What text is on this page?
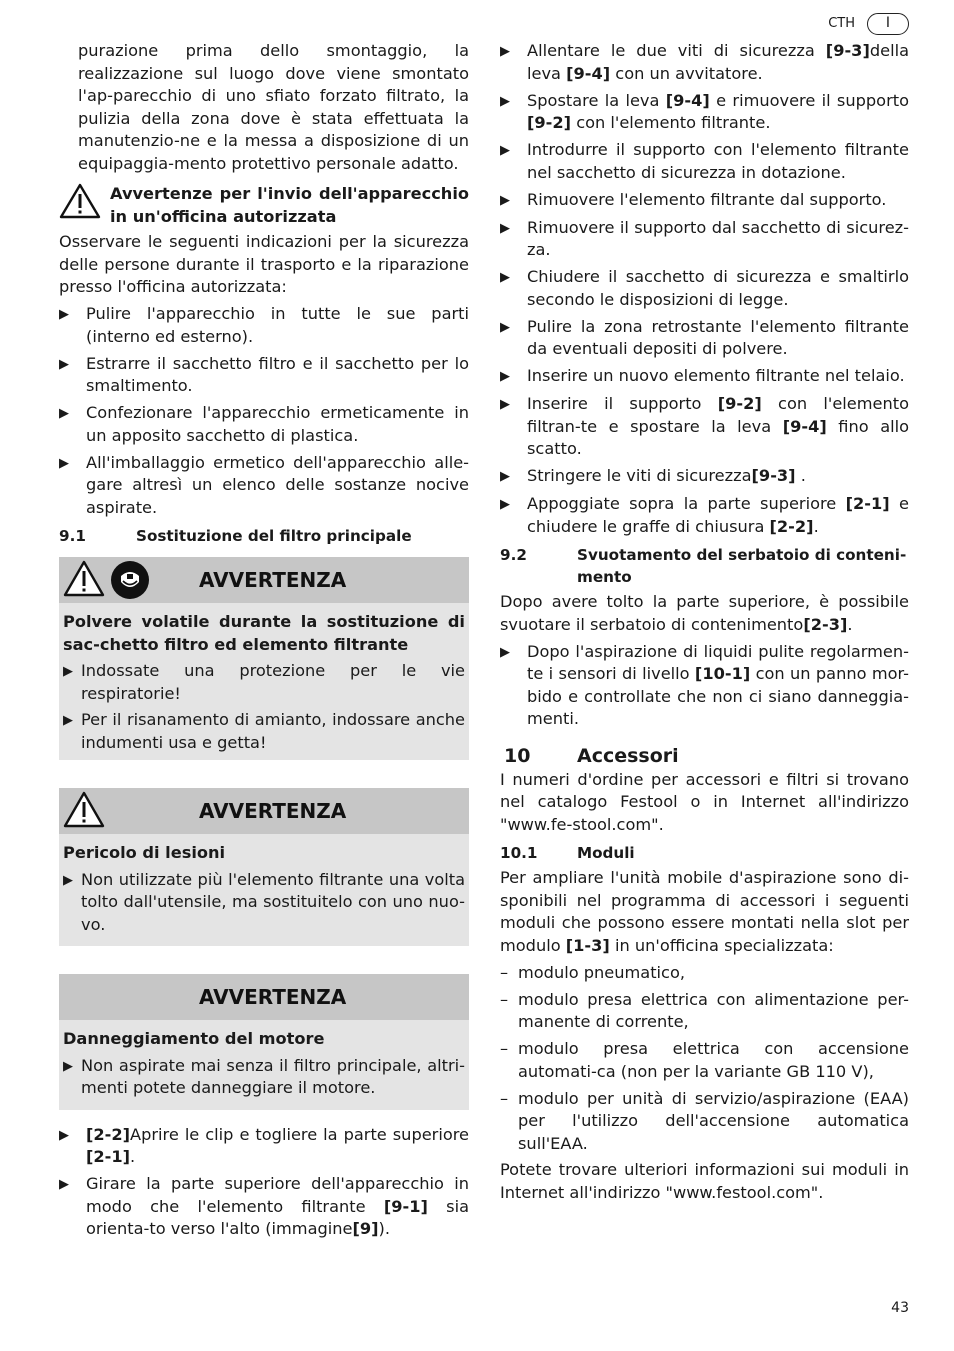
CTH	I

purazione prima dello smontaggio, la realizzazione sul luogo dove viene smontato l'ap-parecchio di uno sfiato forzato filtrato, la pulizia della zona dove è stata effettuata la manutenzio-ne e la messa a disposizione di un equipaggia-mento protettivo personale adatto.

Avvertenze per l'invio dell'apparecchio in un'officina autorizzata

Osservare le seguenti indicazioni per la sicurezza delle persone durante il trasporto e la riparazione presso l'officina autorizzata:

▶	Pulire l'apparecchio in tutte le sue parti (interno ed esterno).
▶	Estrarre il sacchetto filtro e il sacchetto per lo smaltimento.
▶	Confezionare l'apparecchio ermeticamente in un apposito sacchetto di plastica.
▶	All'imballaggio ermetico dell'apparecchio alle-gare altresì un elenco delle sostanze nocive aspirate.
9.1	Sostituzione del filtro principale
AVVERTENZA
Polvere volatile durante la sostituzione di sac-chetto filtro ed elemento filtrante
▶ Indossate una protezione per le vie respiratorie!
▶ Per il risanamento di amianto, indossare anche indumenti usa e getta!
AVVERTENZA
Pericolo di lesioni
▶ Non utilizzate più l'elemento filtrante una volta tolto dall'utensile, ma sostituitelo con uno nuo-vo.
AVVERTENZA
Danneggiamento del motore
▶ Non aspirate mai senza il filtro principale, altri-menti potete danneggiare il motore.
▶	[2-2]Aprire le clip e togliere la parte superiore [2-1].
▶	Girare la parte superiore dell'apparecchio in modo che l'elemento filtrante [9-1] sia orienta-to verso l'alto (immagine[9]).
▶	Allentare le due viti di sicurezza [9-3]della leva [9-4] con un avvitatore.
▶	Spostare la leva [9-4] e rimuovere il supporto [9-2] con l'elemento filtrante.
▶	Introdurre il supporto con l'elemento filtrante nel sacchetto di sicurezza in dotazione.
▶	Rimuovere l'elemento filtrante dal supporto.
▶	Rimuovere il supporto dal sacchetto di sicurez-za.
▶	Chiudere il sacchetto di sicurezza e smaltirlo secondo le disposizioni di legge.
▶	Pulire la zona retrostante l'elemento filtrante da eventuali depositi di polvere.
▶	Inserire un nuovo elemento filtrante nel telaio.
▶	Inserire il supporto [9-2] con l'elemento filtran-te e spostare la leva [9-4] fino allo scatto.
▶	Stringere le viti di sicurezza[9-3] .
▶	Appoggiate sopra la parte superiore [2-1] e chiudere le graffe di chiusura [2-2].
9.2	Svuotamento del serbatoio di conteni-mento

Dopo avere tolto la parte superiore, è possibile svuotare il serbatoio di contenimento[2-3].

▶	Dopo l'aspirazione di liquidi pulite regolarmen-te i sensori di livello [10-1] con un panno mor-bido e controllate che non ci siano danneggia-menti.
10	Accessori

I numeri d'ordine per accessori e filtri si trovano nel catalogo Festool o in Internet all'indirizzo "www.fe-stool.com".

10.1	Moduli

Per ampliare l'unità mobile d'aspirazione sono di-sponibili nel programma di accessori i seguenti moduli che possono essere montati nella slot per modulo [1-3] in un'officina specializzata:

– modulo pneumatico,
– modulo presa elettrica con alimentazione per-manente di corrente,
– modulo presa elettrica con accensione automati-ca (non per la variante GB 110 V),
– modulo per unità di servizio/aspirazione (EAA) per l'utilizzo dell'accensione automatica sull'EAA.

Potete trovare ulteriori informazioni sui moduli in Internet all'indirizzo "www.festool.com".

43
